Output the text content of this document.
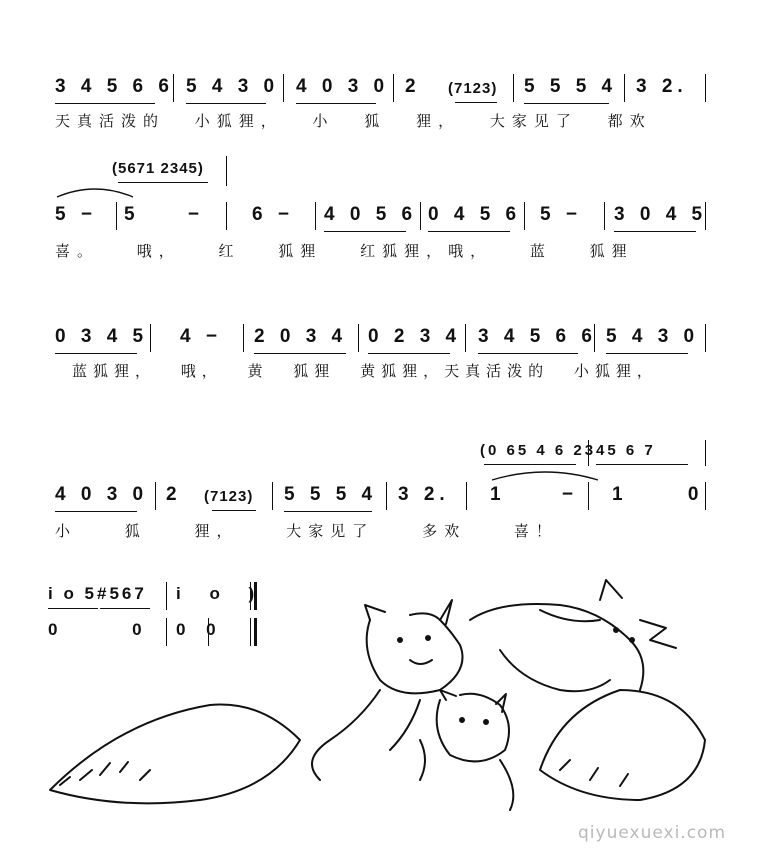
3 4 5 6 6 5 4 3 0 4 0 3 0 2 (7123) 5 5 5 4 3 2.
天真活泼的 小狐狸， 小 狐 狸， 大家见了 都欢
(5671 2345)
5 − 5 − 6 − 4 0 5 6 0 4 5 6 5 − 3 0 4 5
喜。 哦， 红 狐狸 红狐狸，哦， 蓝 狐狸
0 3 4 5 4 − 2 0 3 4 0 2 3 4 3 4 5 6 6 5 4 3 0
蓝狐狸， 哦， 黄 狐狸 黄狐狸，天真活泼的 小狐狸，
(0 65 4 6 2345 6 7
4 0 3 0 2 (7123) 5 5 5 4 3 2. 1 − 1 0
小 狐 狸， 大家见了 多欢 喜！
i o 5#567 i o )
0 0 0 0
qiyuexuexi.com
